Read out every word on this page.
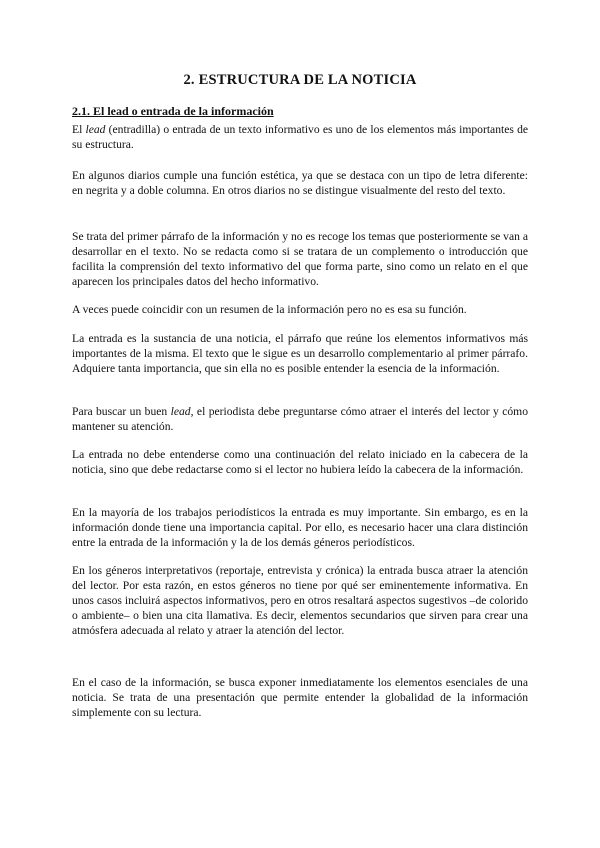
2. ESTRUCTURA DE LA NOTICIA
2.1. El lead o entrada de la información

El lead (entradilla) o entrada de un texto informativo es uno de los elementos más importantes de su estructura.

En algunos diarios cumple una función estética, ya que se destaca con un tipo de letra diferente: en negrita y a doble columna. En otros diarios no se distingue visualmente del resto del texto.

Se trata del primer párrafo de la información y no es recoge los temas que posteriormente se van a desarrollar en el texto. No se redacta como si se tratara de un complemento o introducción que facilita la comprensión del texto informativo del que forma parte, sino como un relato en el que aparecen los principales datos del hecho informativo.

A veces puede coincidir con un resumen de la información pero no es esa su función.

La entrada es la sustancia de una noticia, el párrafo que reúne los elementos informativos más importantes de la misma. El texto que le sigue es un desarrollo complementario al primer párrafo. Adquiere tanta importancia, que sin ella no es posible entender la esencia de la información.

Para buscar un buen lead, el periodista debe preguntarse cómo atraer el interés del lector y cómo mantener su atención.

La entrada no debe entenderse como una continuación del relato iniciado en la cabecera de la noticia, sino que debe redactarse como si el lector no hubiera leído la cabecera de la información.

En la mayoría de los trabajos periodísticos la entrada es muy importante. Sin embargo, es en la información donde tiene una importancia capital. Por ello, es necesario hacer una clara distinción entre la entrada de la información y la de los demás géneros periodísticos.

En los géneros interpretativos (reportaje, entrevista y crónica) la entrada busca atraer la atención del lector. Por esta razón, en estos géneros no tiene por qué ser eminentemente informativa. En unos casos incluirá aspectos informativos, pero en otros resaltará aspectos sugestivos –de colorido o ambiente– o bien una cita llamativa. Es decir, elementos secundarios que sirven para crear una atmósfera adecuada al relato y atraer la atención del lector.

En el caso de la información, se busca exponer inmediatamente los elementos esenciales de una noticia. Se trata de una presentación que permite entender la globalidad de la información simplemente con su lectura.
